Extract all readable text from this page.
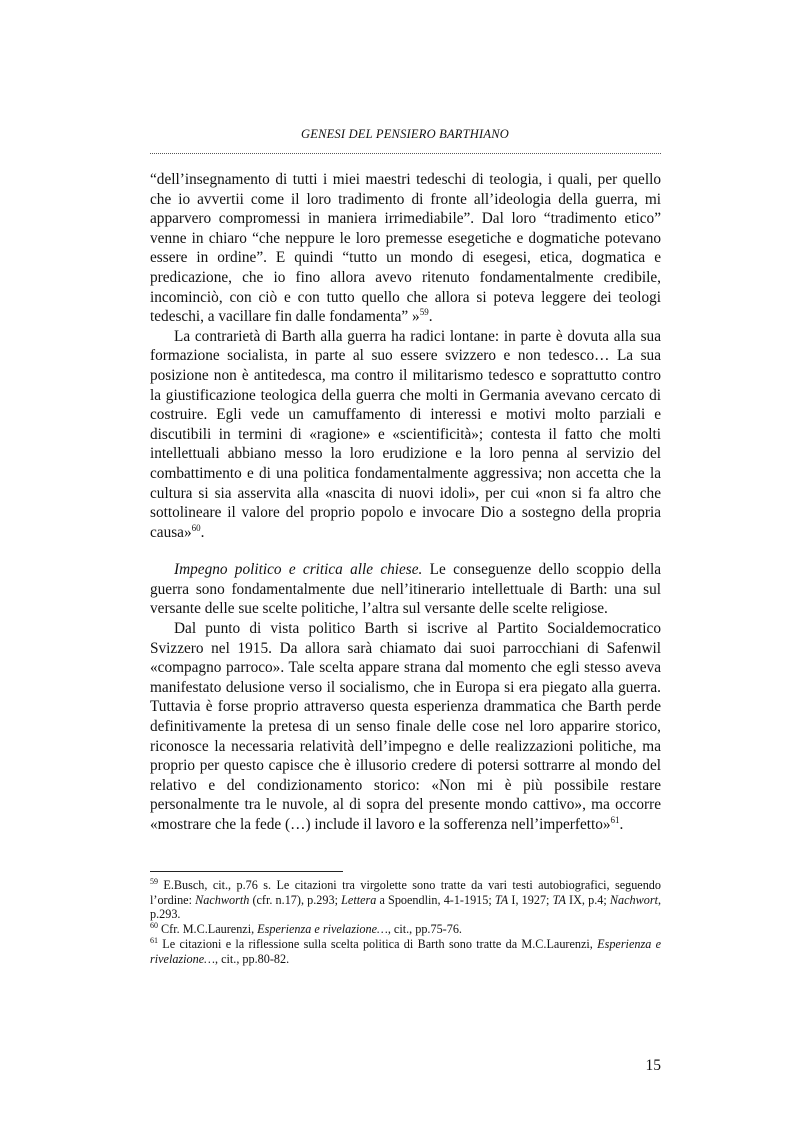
GENESI DEL PENSIERO BARTHIANO

“dell’insegnamento di tutti i miei maestri tedeschi di teologia, i quali, per quello che io avvertii come il loro tradimento di fronte all’ideologia della guerra, mi apparvero compromessi in maniera irrimediabile”. Dal loro “tradimento etico” venne in chiaro “che neppure le loro premesse esegetiche e dogmatiche potevano essere in ordine”. E quindi “tutto un mondo di esegesi, etica, dogmatica e predicazione, che io fino allora avevo ritenuto fondamentalmente credibile, incominciò, con ciò e con tutto quello che allora si poteva leggere dei teologi tedeschi, a vacillare fin dalle fondamenta” »$^{59}$.

La contrarietà di Barth alla guerra ha radici lontane: in parte è dovuta alla sua formazione socialista, in parte al suo essere svizzero e non tedesco… La sua posizione non è antitedesca, ma contro il militarismo tedesco e soprattutto contro la giustificazione teologica della guerra che molti in Germania avevano cercato di costruire. Egli vede un camuffamento di interessi e motivi molto parziali e discutibili in termini di «ragione» e «scientificità»; contesta il fatto che molti intellettuali abbiano messo la loro erudizione e la loro penna al servizio del combattimento e di una politica fondamentalmente aggressiva; non accetta che la cultura si sia asservita alla «nascita di nuovi idoli», per cui «non si fa altro che sottolineare il valore del proprio popolo e invocare Dio a sostegno della propria causa»$^{60}$.

Impegno politico e critica alle chiese. Le conseguenze dello scoppio della guerra sono fondamentalmente due nell’itinerario intellettuale di Barth: una sul versante delle sue scelte politiche, l’altra sul versante delle scelte religiose.

Dal punto di vista politico Barth si iscrive al Partito Socialdemocratico Svizzero nel 1915. Da allora sarà chiamato dai suoi parrocchiani di Safenwil «compagno parroco». Tale scelta appare strana dal momento che egli stesso aveva manifestato delusione verso il socialismo, che in Europa si era piegato alla guerra. Tuttavia è forse proprio attraverso questa esperienza drammatica che Barth perde definitivamente la pretesa di un senso finale delle cose nel loro apparire storico, riconosce la necessaria relatività dell’impegno e delle realizzazioni politiche, ma proprio per questo capisce che è illusorio credere di potersi sottrarre al mondo del relativo e del condizionamento storico: «Non mi è più possibile restare personalmente tra le nuvole, al di sopra del presente mondo cattivo», ma occorre «mostrare che la fede (…) include il lavoro e la sofferenza nell’imperfetto»$^{61}$.

$^{59}$ E.Busch, cit., p.76 s. Le citazioni tra virgolette sono tratte da vari testi autobiografici, seguendo l’ordine: Nachworth (cfr. n.17), p.293; Lettera a Spoendlin, 4-1-1915; TA I, 1927; TA IX, p.4; Nachwort, p.293.

$^{60}$ Cfr. M.C.Laurenzi, Esperienza e rivelazione…, cit., pp.75-76.

$^{61}$ Le citazioni e la riflessione sulla scelta politica di Barth sono tratte da M.C.Laurenzi, Esperienza e rivelazione…, cit., pp.80-82.

15
